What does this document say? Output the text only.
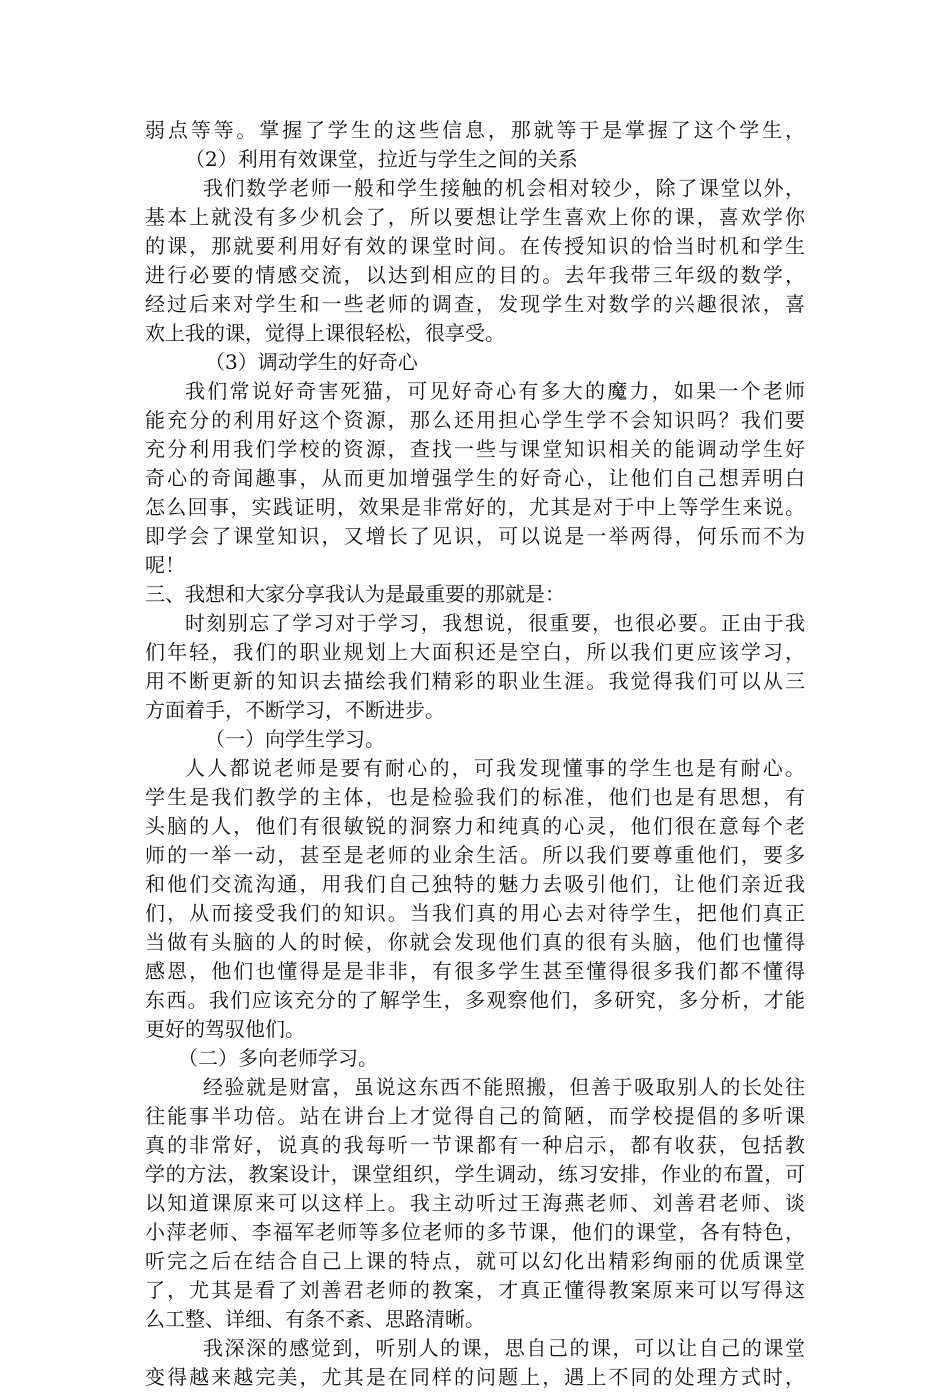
弱点等等。掌握了学生的这些信息，那就等于是掌握了这个学生，
（2）利用有效课堂，拉近与学生之间的关系
我们数学老师一般和学生接触的机会相对较少，除了课堂以外，
基本上就没有多少机会了，所以要想让学生喜欢上你的课，喜欢学你
的课，那就要利用好有效的课堂时间。在传授知识的恰当时机和学生
进行必要的情感交流，以达到相应的目的。去年我带三年级的数学，
经过后来对学生和一些老师的调查，发现学生对数学的兴趣很浓，喜
欢上我的课，觉得上课很轻松，很享受。
（3）调动学生的好奇心
我们常说好奇害死猫，可见好奇心有多大的魔力，如果一个老师
能充分的利用好这个资源，那么还用担心学生学不会知识吗？我们要
充分利用我们学校的资源，查找一些与课堂知识相关的能调动学生好
奇心的奇闻趣事，从而更加增强学生的好奇心，让他们自己想弄明白
怎么回事，实践证明，效果是非常好的，尤其是对于中上等学生来说。
即学会了课堂知识，又增长了见识，可以说是一举两得，何乐而不为
呢！
三、我想和大家分享我认为是最重要的那就是：
时刻别忘了学习对于学习，我想说，很重要，也很必要。正由于我
们年轻，我们的职业规划上大面积还是空白，所以我们更应该学习，
用不断更新的知识去描绘我们精彩的职业生涯。我觉得我们可以从三
方面着手，不断学习，不断进步。
（一）向学生学习。
人人都说老师是要有耐心的，可我发现懂事的学生也是有耐心。
学生是我们教学的主体，也是检验我们的标准，他们也是有思想，有
头脑的人，他们有很敏锐的洞察力和纯真的心灵，他们很在意每个老
师的一举一动，甚至是老师的业余生活。所以我们要尊重他们，要多
和他们交流沟通，用我们自己独特的魅力去吸引他们，让他们亲近我
们，从而接受我们的知识。当我们真的用心去对待学生，把他们真正
当做有头脑的人的时候，你就会发现他们真的很有头脑，他们也懂得
感恩，他们也懂得是是非非，有很多学生甚至懂得很多我们都不懂得
东西。我们应该充分的了解学生，多观察他们，多研究，多分析，才能
更好的驾驭他们。
（二）多向老师学习。
经验就是财富，虽说这东西不能照搬，但善于吸取别人的长处往
往能事半功倍。站在讲台上才觉得自己的简陋，而学校提倡的多听课
真的非常好，说真的我每听一节课都有一种启示，都有收获，包括教
学的方法，教案设计，课堂组织，学生调动，练习安排，作业的布置，可
以知道课原来可以这样上。我主动听过王海燕老师、刘善君老师、谈
小萍老师、李福军老师等多位老师的多节课，他们的课堂，各有特色，
听完之后在结合自己上课的特点，就可以幻化出精彩绚丽的优质课堂
了，尤其是看了刘善君老师的教案，才真正懂得教案原来可以写得这
么工整、详细、有条不紊、思路清晰。
我深深的感觉到，听别人的课，思自己的课，可以让自己的课堂
变得越来越完美，尤其是在同样的问题上，遇上不同的处理方式时，
